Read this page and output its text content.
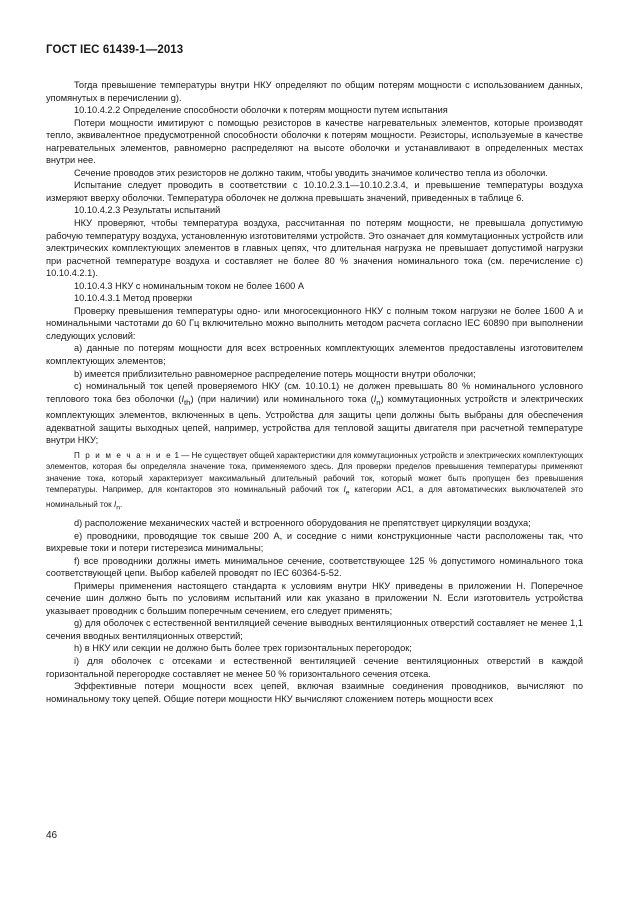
ГОСТ IEC 61439-1—2013

Тогда превышение температуры внутри НКУ определяют по общим потерям мощности с использованием данных, упомянутых в перечислении g).

10.10.4.2.2 Определение способности оболочки к потерям мощности путем испытания

Потери мощности имитируют с помощью резисторов в качестве нагревательных элементов, которые производят тепло, эквивалентное предусмотренной способности оболочки к потерям мощности. Резисторы, используемые в качестве нагревательных элементов, равномерно распределяют на высоте оболочки и устанавливают в определенных местах внутри нее.

Сечение проводов этих резисторов не должно таким, чтобы уводить значимое количество тепла из оболочки.

Испытание следует проводить в соответствии с 10.10.2.3.1—10.10.2.3.4, и превышение температуры воздуха измеряют вверху оболочки. Температура оболочек не должна превышать значений, приведенных в таблице 6.

10.10.4.2.3 Результаты испытаний

НКУ проверяют, чтобы температура воздуха, рассчитанная по потерям мощности, не превышала допустимую рабочую температуру воздуха, установленную изготовителями устройств. Это означает для коммутационных устройств или электрических комплектующих элементов в главных цепях, что длительная нагрузка не превышает допустимой нагрузки при расчетной температуре воздуха и составляет не более 80 % значения номинального тока (см. перечисление с) 10.10.4.2.1).

10.10.4.3 НКУ с номинальным током не более 1600 А

10.10.4.3.1 Метод проверки

Проверку превышения температуры одно- или многосекционного НКУ с полным током нагрузки не более 1600 А и номинальными частотами до 60 Гц включительно можно выполнить методом расчета согласно IEC 60890 при выполнении следующих условий:

а) данные по потерям мощности для всех встроенных комплектующих элементов предоставлены изготовителем комплектующих элементов;

b) имеется приблизительно равномерное распределение потерь мощности внутри оболочки;

с) номинальный ток цепей проверяемого НКУ (см. 10.10.1) не должен превышать 80 % номинального условного теплового тока без оболочки $(I_{th})$ (при наличии) или номинального тока $(I_n)$ коммутационных устройств и электрических комплектующих элементов, включенных в цепь. Устройства для защиты цепи должны быть выбраны для обеспечения адекватной защиты выходных цепей, например, устройства для тепловой защиты двигателя при расчетной температуре внутри НКУ;

П р и м е ч а н и е 1 — Не существует общей характеристики для коммутационных устройств и электрических комплектующих элементов, которая бы определяла значение тока, применяемого здесь. Для проверки пределов превышения температуры применяют значение тока, который характеризует максимальный длительный рабочий ток, который может быть пропущен без превышения температуры. Например, для контакторов это номинальный рабочий ток $I_e$ категории АС1, а для автоматических выключателей это номинальный ток $I_n$.

d) расположение механических частей и встроенного оборудования не препятствует циркуляции воздуха;

е) проводники, проводящие ток свыше 200 А, и соседние с ними конструкционные части расположены так, что вихревые токи и потери гистерезиса минимальны;

f) все проводники должны иметь минимальное сечение, соответствующее 125 % допустимого номинального тока соответствующей цепи. Выбор кабелей проводят по IEC 60364-5-52.

Примеры применения настоящего стандарта к условиям внутри НКУ приведены в приложении Н. Поперечное сечение шин должно быть по условиям испытаний или как указано в приложении N. Если изготовитель устройства указывает проводник с большим поперечным сечением, его следует применять;

g) для оболочек с естественной вентиляцией сечение выводных вентиляционных отверстий составляет не менее 1,1 сечения вводных вентиляционных отверстий;

h) в НКУ или секции не должно быть более трех горизонтальных перегородок;

i) для оболочек с отсеками и естественной вентиляцией сечение вентиляционных отверстий в каждой горизонтальной перегородке составляет не менее 50 % горизонтального сечения отсека.

Эффективные потери мощности всех цепей, включая взаимные соединения проводников, вычисляют по номинальному току цепей. Общие потери мощности НКУ вычисляют сложением потерь мощности всех

46
